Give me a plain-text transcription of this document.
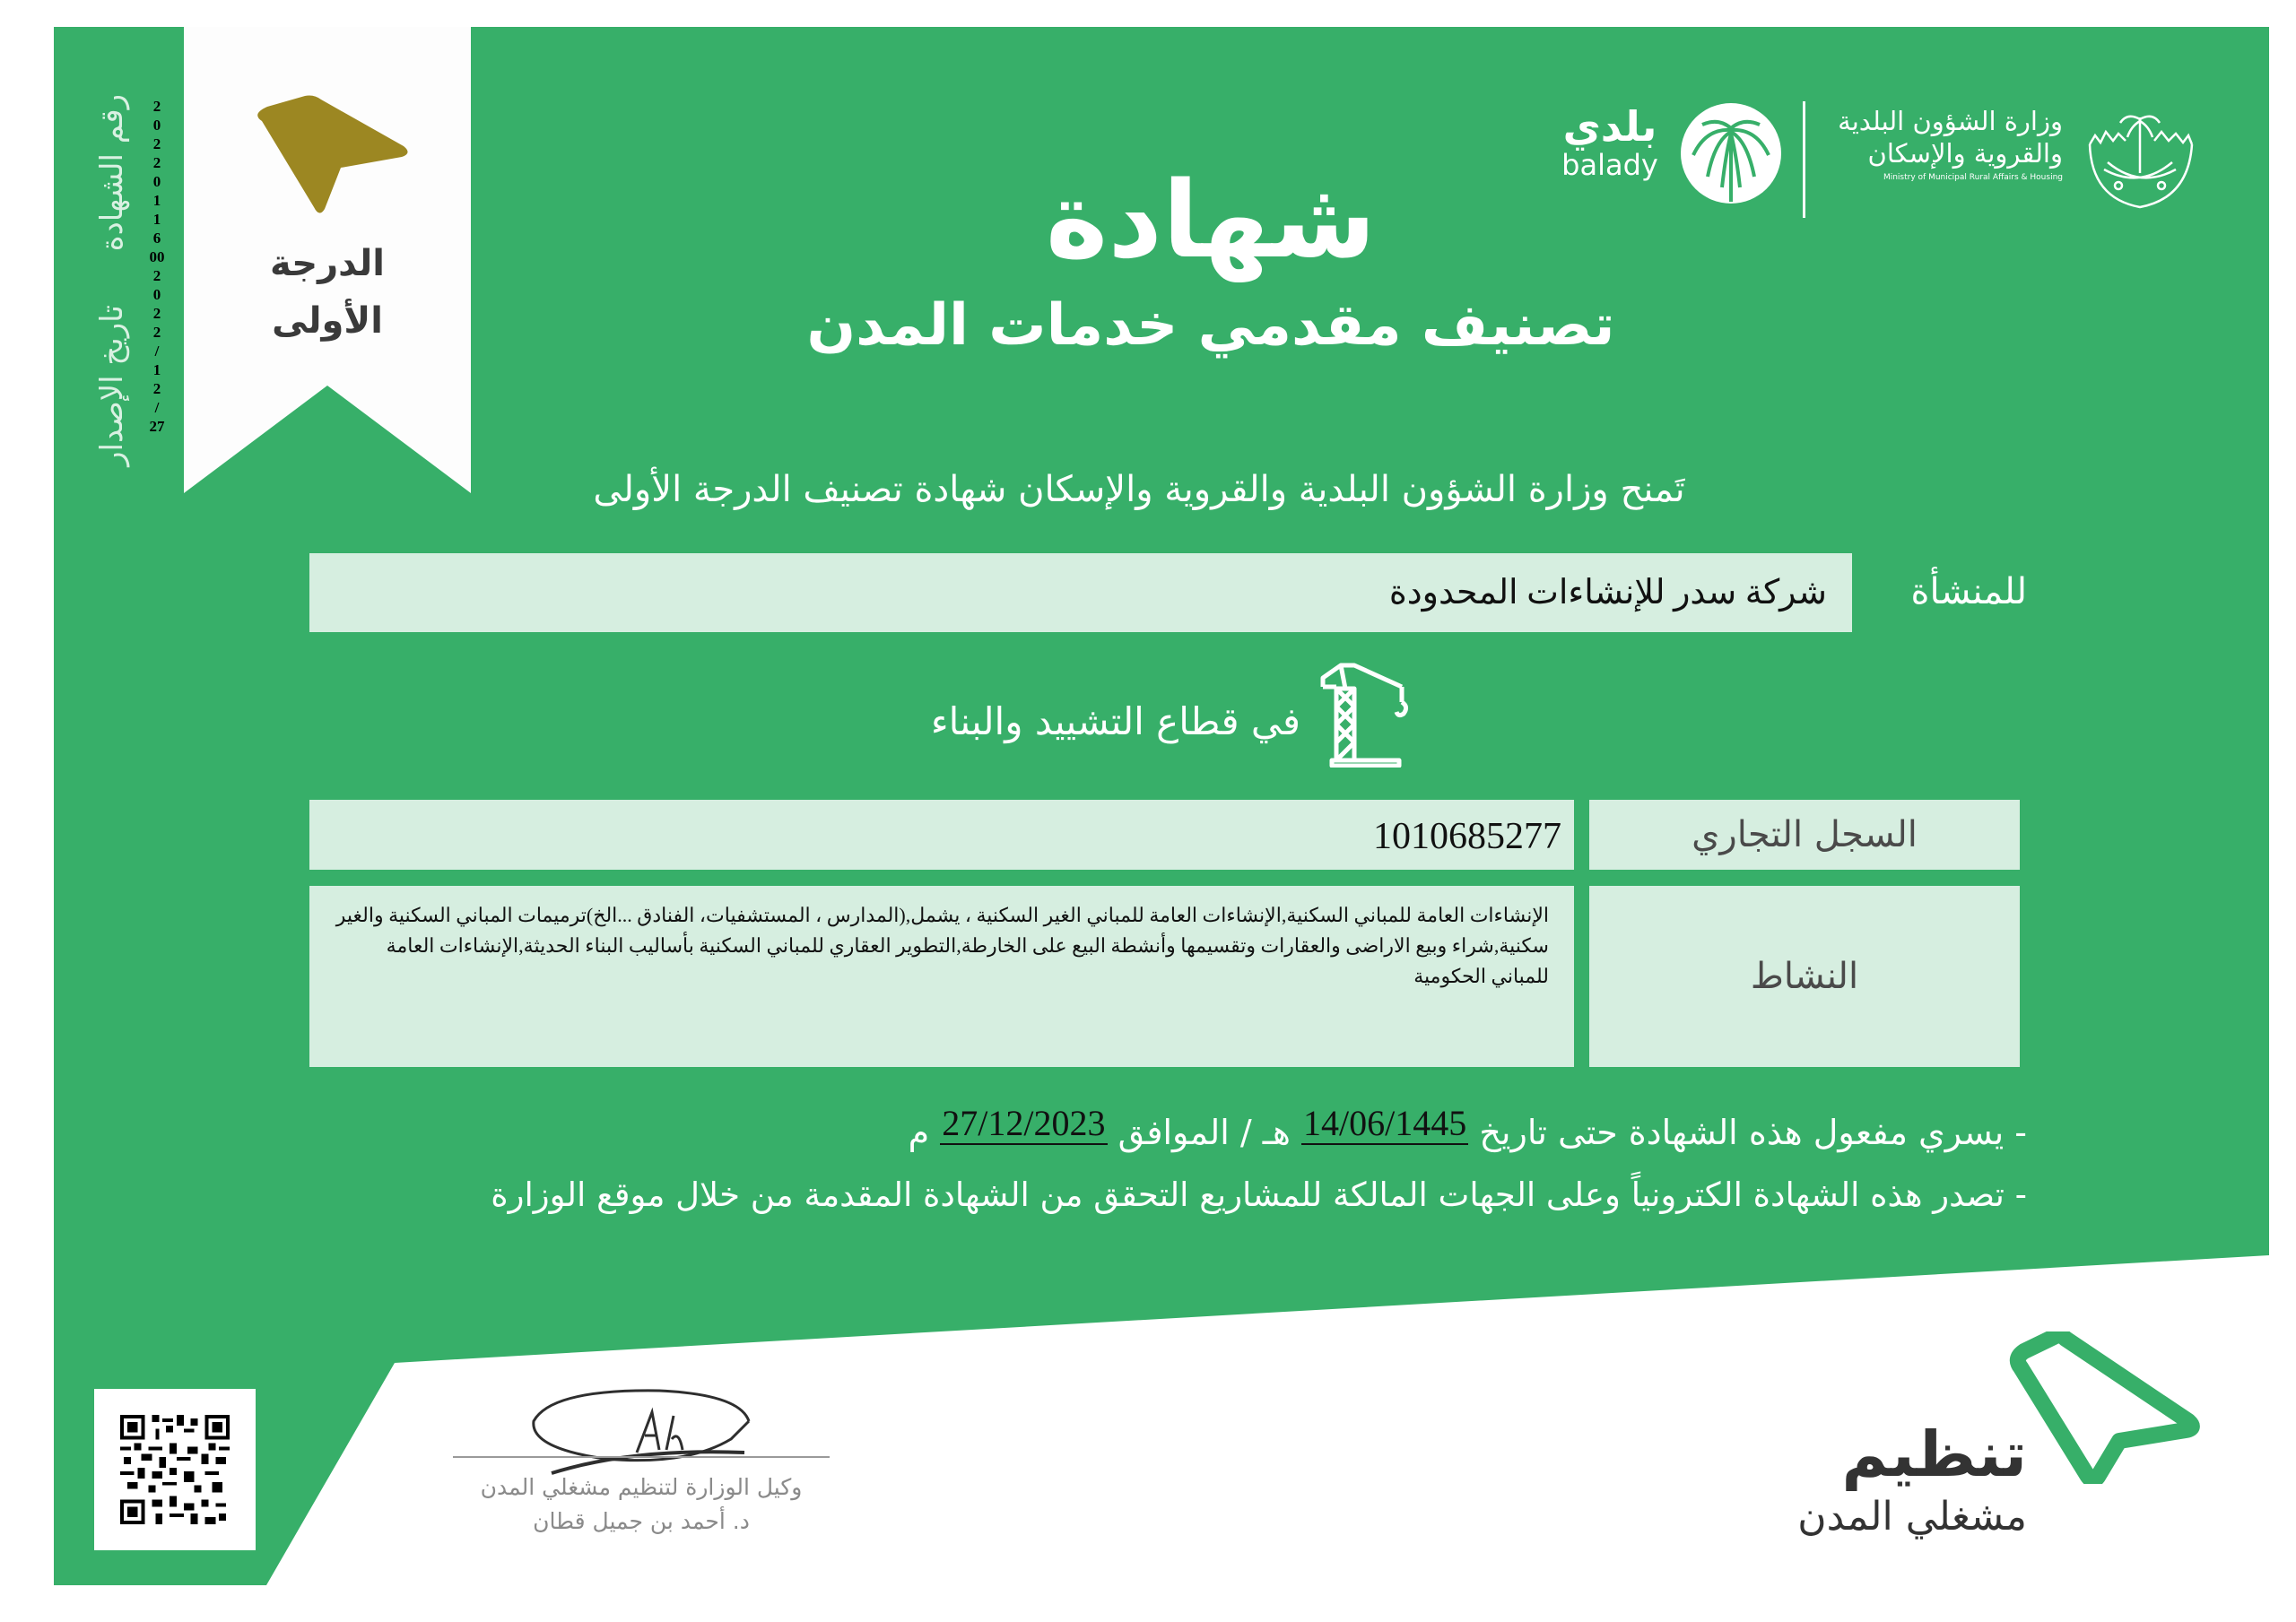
الدرجة
الأولى
رقم الشهادة
تاريخ الإصدار
2
0
2
2
0
1
1
6
00
2
0
2
2
/
1
2
/
27
بلدي
balady
وزارة الشؤون البلدية
والقروية والإسكان
Ministry of Municipal Rural Affairs & Housing
شهادة
تصنيف مقدمي خدمات المدن
تَمنح وزارة الشؤون البلدية والقروية والإسكان شهادة تصنيف الدرجة الأولى
للمنشأة
شركة سدر للإنشاءات المحدودة
في قطاع التشييد والبناء
1010685277	السجل التجاري
الإنشاءات العامة للمباني السكنية,الإنشاءات العامة للمباني الغير السكنية ، يشمل,(المدارس ، المستشفيات، الفنادق ...الخ)ترميمات المباني السكنية والغير سكنية,شراء وبيع الاراضى والعقارات وتقسيمها وأنشطة البيع على الخارطة,التطوير العقاري للمباني السكنية بأساليب البناء الحديثة,الإنشاءات العامة للمباني الحكومية	النشاط
- يسري مفعول هذه الشهادة حتى تاريخ 14/06/1445 هـ / الموافق 27/12/2023 م
- تصدر هذه الشهادة الكترونياً وعلى الجهات المالكة للمشاريع التحقق من الشهادة المقدمة من خلال موقع الوزارة
وكيل الوزارة لتنظيم مشغلي المدن
د. أحمد بن جميل قطان
تنظيم
مشغلي المدن
